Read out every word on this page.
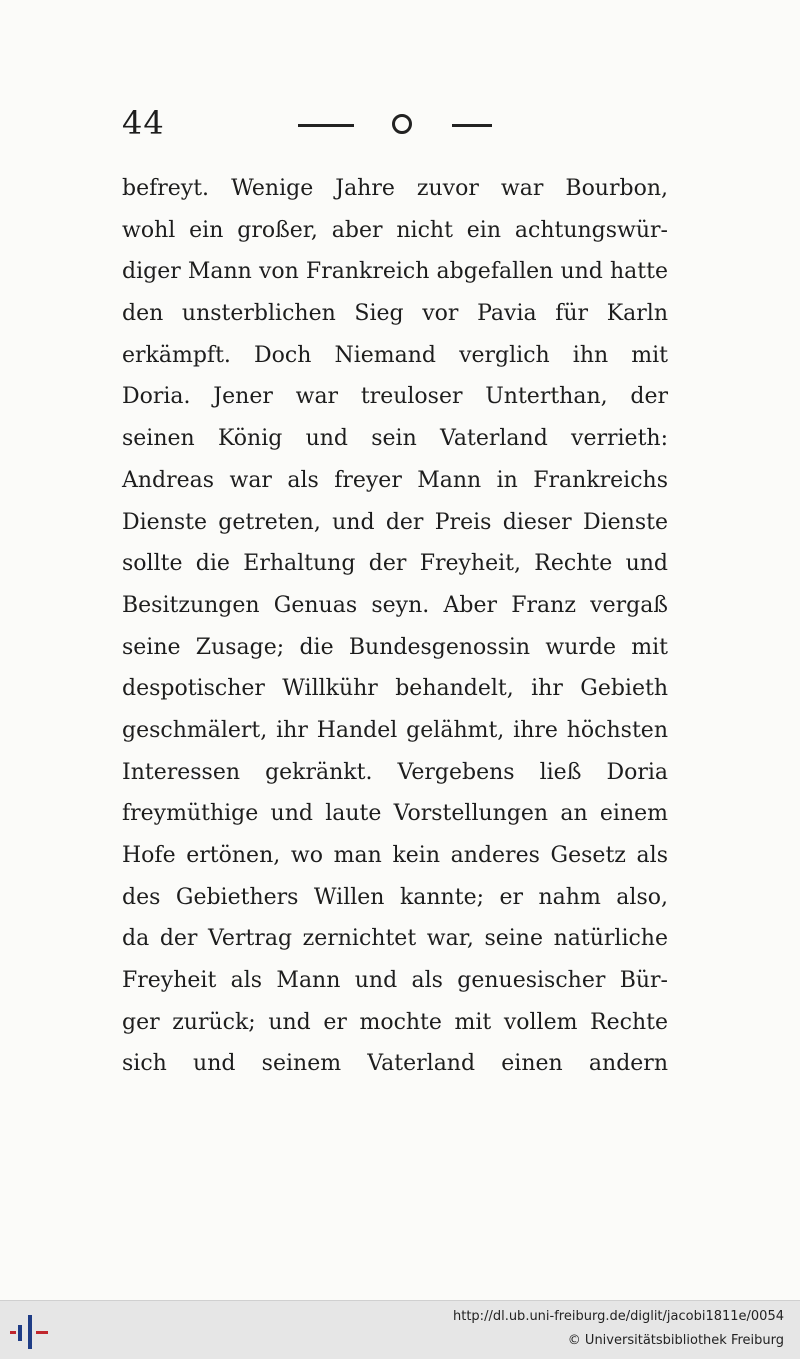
44
befreyt. Wenige Jahre zuvor war Bourbon,
wohl ein großer, aber nicht ein achtungswür-
diger Mann von Frankreich abgefallen und hatte
den unsterblichen Sieg vor Pavia für Karln
erkämpft. Doch Niemand verglich ihn mit
Doria. Jener war treuloser Unterthan, der
seinen König und sein Vaterland verrieth:
Andreas war als freyer Mann in Frankreichs
Dienste getreten, und der Preis dieser Dienste
sollte die Erhaltung der Freyheit, Rechte und
Besitzungen Genuas seyn. Aber Franz vergaß
seine Zusage; die Bundesgenossin wurde mit
despotischer Willkühr behandelt, ihr Gebieth
geschmälert, ihr Handel gelähmt, ihre höchsten
Interessen gekränkt. Vergebens ließ Doria
freymüthige und laute Vorstellungen an einem
Hofe ertönen, wo man kein anderes Gesetz als
des Gebiethers Willen kannte; er nahm also,
da der Vertrag zernichtet war, seine natürliche
Freyheit als Mann und als genuesischer Bür-
ger zurück; und er mochte mit vollem Rechte
sich und seinem Vaterland einen andern
http://dl.ub.uni-freiburg.de/diglit/jacobi1811e/0054
© Universitätsbibliothek Freiburg
